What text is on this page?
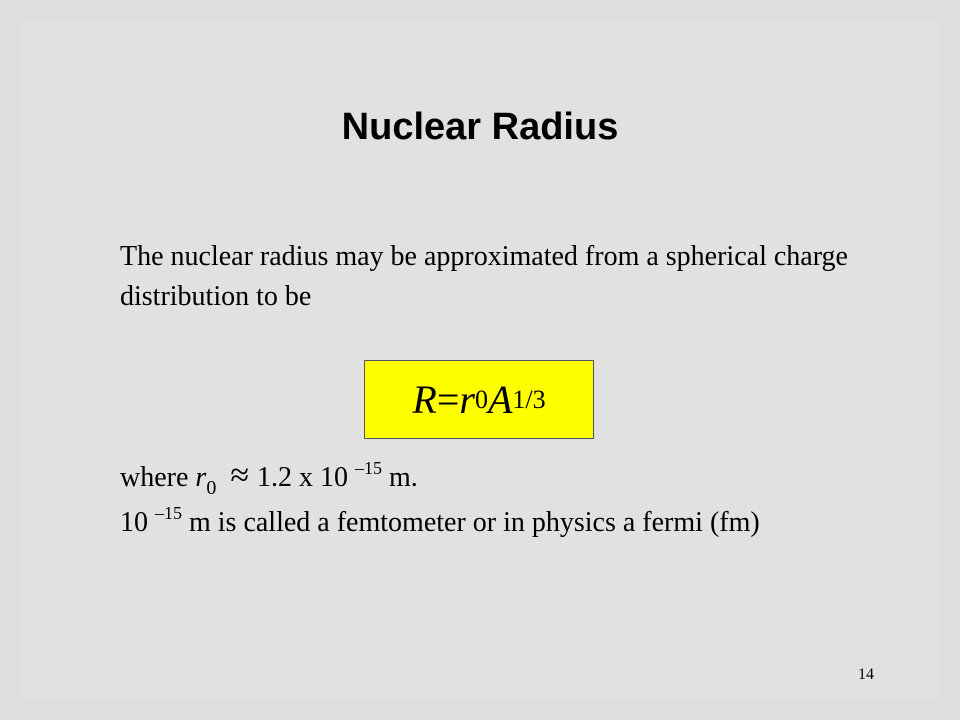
Nuclear Radius
The nuclear radius may be approximated from a spherical charge distribution to be
R = r 0 A 1/3
where $r_0 \approx 1.2$ x 10 $^{-15}$ m.
10 $^{-15}$ m is called a femtometer or in physics a fermi (fm)
14
